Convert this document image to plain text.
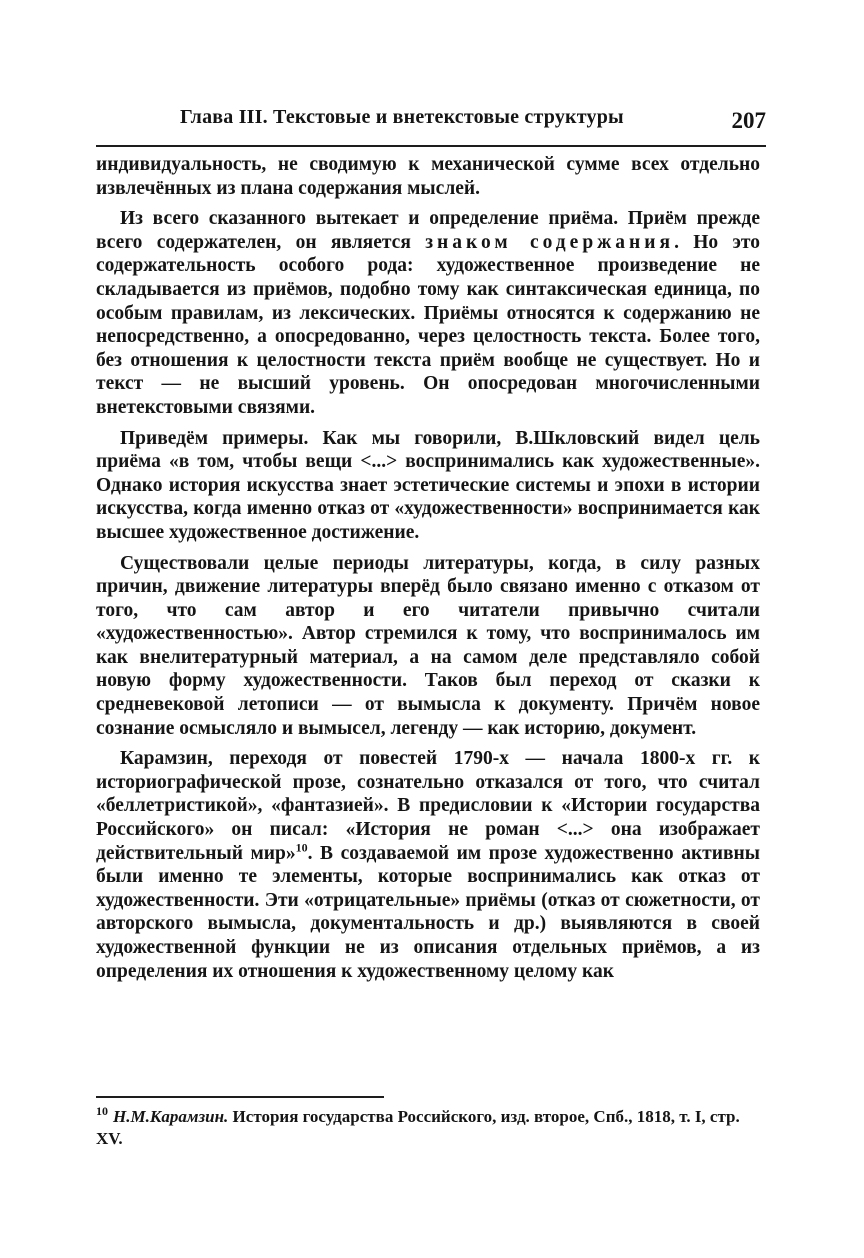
Глава III. Текстовые и внетекстовые структуры	207

индивидуальность, не сводимую к механической сумме всех отдельно извлечённых из плана содержания мыслей.

Из всего сказанного вытекает и определение приёма. Приём прежде всего содержателен, он является знаком содержания. Но это содержательность особого рода: художественное произведение не складывается из приёмов, подобно тому как синтаксическая единица, по особым правилам, из лексических. Приёмы относятся к содержанию не непосредственно, а опосредованно, через целостность текста. Более того, без отношения к целостности текста приём вообще не существует. Но и текст — не высший уровень. Он опосредован многочисленными внетекстовыми связями.

Приведём примеры. Как мы говорили, В.Шкловский видел цель приёма «в том, чтобы вещи <...> воспринимались как художественные». Однако история искусства знает эстетические системы и эпохи в истории искусства, когда именно отказ от «художественности» воспринимается как высшее художественное достижение.

Существовали целые периоды литературы, когда, в силу разных причин, движение литературы вперёд было связано именно с отказом от того, что сам автор и его читатели привычно считали «художественностью». Автор стремился к тому, что воспринималось им как внелитературный материал, а на самом деле представляло собой новую форму художественности. Таков был переход от сказки к средневековой летописи — от вымысла к документу. Причём новое сознание осмысляло и вымысел, легенду — как историю, документ.

Карамзин, переходя от повестей 1790-х — начала 1800-х гг. к историографической прозе, сознательно отказался от того, что считал «беллетристикой», «фантазией». В предисловии к «Истории государства Российского» он писал: «История не роман <...> она изображает действительный мир»$^{10}$. В создаваемой им прозе художественно активны были именно те элементы, которые воспринимались как отказ от художественности. Эти «отрицательные» приёмы (отказ от сюжетности, от авторского вымысла, документальность и др.) выявляются в своей художественной функции не из описания отдельных приёмов, а из определения их отношения к художественному целому как

$^{10}$ Н.М.Карамзин. История государства Российского, изд. второе, Спб., 1818, т. I, стр. XV.
